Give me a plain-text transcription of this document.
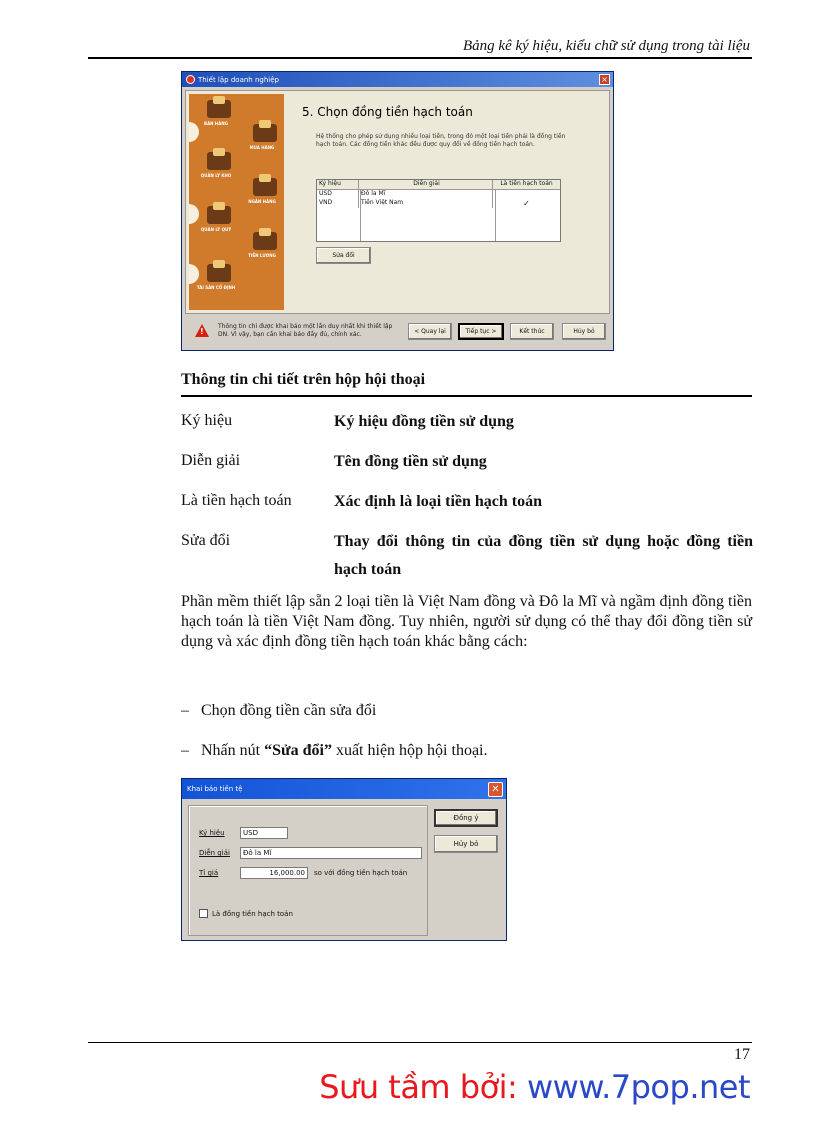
Bảng kê ký hiệu, kiểu chữ sử dụng trong tài liệu
Thiết lập doanh nghiệp	×
BÁN HÀNG
MUA HÀNG
QUẢN LÝ KHO
NGÂN HÀNG
QUẢN LÝ QUỸ
TIỀN LƯƠNG
TÀI SẢN CỐ ĐỊNH
5. Chọn đồng tiền hạch toán
Hệ thống cho phép sử dụng nhiều loại tiền, trong đó một loại tiền phải là đồng tiền hạch toán. Các đồng tiền khác đều được quy đổi về đồng tiền hạch toán.
Ký hiệu	Diễn giải	Là tiền hạch toán
USD	Đô la Mĩ
VND	Tiền Việt Nam	✓
Sửa đổi
!
Thông tin chỉ được khai báo một lần duy nhất khi thiết lập DN. Vì vậy, bạn cần khai báo đầy đủ, chính xác.	< Quay lại	Tiếp tục >	Kết thúc	Hủy bỏ
Thông tin chi tiết trên hộp hội thoại
Ký hiệu	Ký hiệu đồng tiền sử dụng
Diễn giải	Tên đồng tiền sử dụng
Là tiền hạch toán	Xác định là loại tiền hạch toán
Sửa đổi	Thay đổi thông tin của đồng tiền sử dụng hoặc đồng tiền hạch toán
Phần mềm thiết lập sẵn 2 loại tiền là Việt Nam đồng và Đô la Mĩ và ngầm định đồng tiền hạch toán là tiền Việt Nam đồng. Tuy nhiên, người sử dụng có thể thay đổi đồng tiền sử dụng và xác định đồng tiền hạch toán khác bằng cách:
– Chọn đồng tiền cần sửa đổi
– Nhấn nút “Sửa đổi” xuất hiện hộp hội thoại.
Khai báo tiền tệ	✕
Ký hiệu	USD
Diễn giải	Đô la Mĩ
Tỉ giá	16,000.00	so với đồng tiền hạch toán
Là đồng tiền hạch toán
Đồng ý
Hủy bỏ
17
Sưu tầm bởi: www.7pop.net
